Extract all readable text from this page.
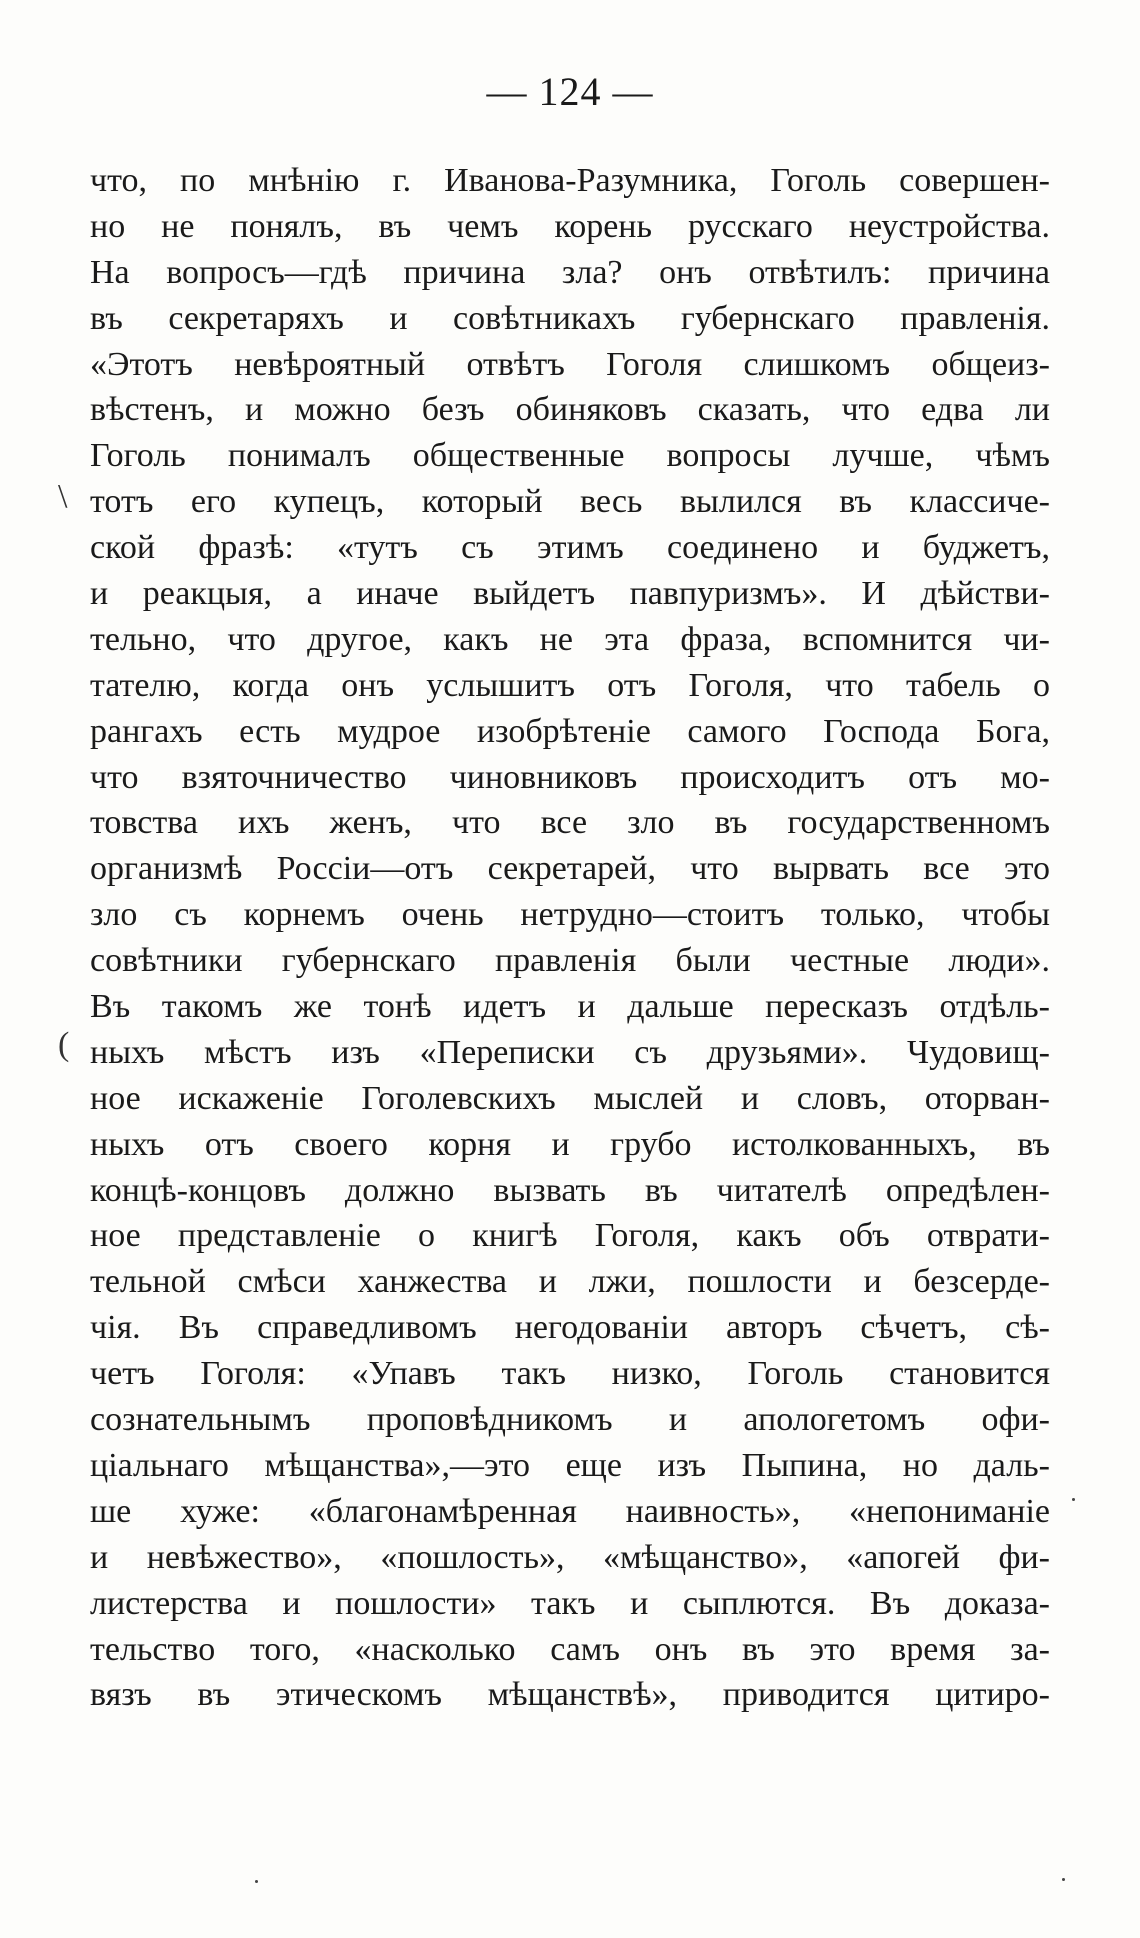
— 124 —
\
(
что, по мнѣнію г. Иванова-Разумника, Гоголь совершен-
но не понялъ, въ чемъ корень русскаго неустройства.
На вопросъ—гдѣ причина зла? онъ отвѣтилъ: причина
въ секретаряхъ и совѣтникахъ губернскаго правленія.
«Этотъ невѣроятный отвѣтъ Гоголя слишкомъ общеиз-
вѣстенъ, и можно безъ обиняковъ сказать, что едва ли
Гоголь понималъ общественные вопросы лучше, чѣмъ
тотъ его купецъ, который весь вылился въ классиче-
ской фразѣ: «тутъ съ этимъ соединено и буджетъ,
и реакцыя, а иначе выйдетъ павпуризмъ». И дѣйстви-
тельно, что другое, какъ не эта фраза, вспомнится чи-
тателю, когда онъ услышитъ отъ Гоголя, что табель о
рангахъ есть мудрое изобрѣтеніе самого Господа Бога,
что взяточничество чиновниковъ происходитъ отъ мо-
товства ихъ женъ, что все зло въ государственномъ
организмѣ Россіи—отъ секретарей, что вырвать все это
зло съ корнемъ очень нетрудно—стоитъ только, чтобы
совѣтники губернскаго правленія были честные люди».
Въ такомъ же тонѣ идетъ и дальше пересказъ отдѣль-
ныхъ мѣстъ изъ «Переписки съ друзьями». Чудовищ-
ное искаженіе Гоголевскихъ мыслей и словъ, оторван-
ныхъ отъ своего корня и грубо истолкованныхъ, въ
концѣ-концовъ должно вызвать въ читателѣ опредѣлен-
ное представленіе о книгѣ Гоголя, какъ объ отврати-
тельной смѣси ханжества и лжи, пошлости и безсерде-
чія. Въ справедливомъ негодованіи авторъ сѣчетъ, сѣ-
четъ Гоголя: «Упавъ такъ низко, Гоголь становится
сознательнымъ проповѣдникомъ и апологетомъ офи-
ціальнаго мѣщанства»,—это еще изъ Пыпина, но даль-
ше хуже: «благонамѣренная наивность», «непониманіе
и невѣжество», «пошлость», «мѣщанство», «апогей фи-
листерства и пошлости» такъ и сыплются. Въ доказа-
тельство того, «насколько самъ онъ въ это время за-
вязъ въ этическомъ мѣщанствѣ», приводится цитиро-
